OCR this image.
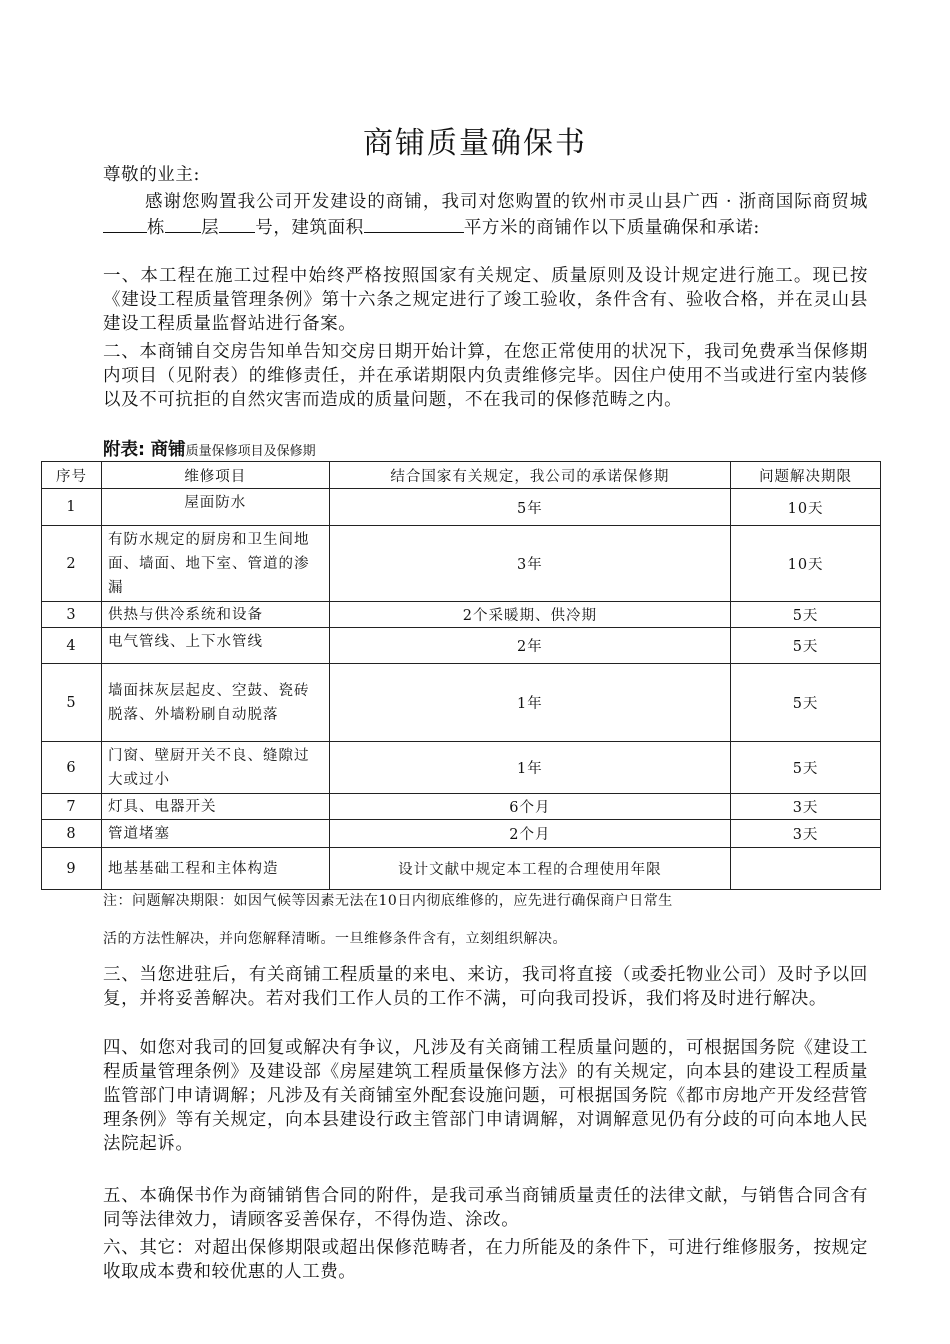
商铺质量确保书
尊敬的业主:
感谢您购置我公司开发建设的商铺，我司对您购置的钦州市灵山县广西 · 浙商国际商贸城栋 层 号，建筑面积	平方米的商铺作以下质量确保和承诺:
一、本工程在施工过程中始终严格按照国家有关规定、质量原则及设计规定进行施工。现已按《建设工程质量管理条例》第十六条之规定进行了竣工验收，条件含有、验收合格，并在灵山县建设工程质量监督站进行备案。
二、本商铺自交房告知单告知交房日期开始计算，在您正常使用的状况下，我司免费承当保修期内项目（见附表）的维修责任，并在承诺期限内负责维修完毕。因住户使用不当或进行室内装修以及不可抗拒的自然灾害而造成的质量问题，不在我司的保修范畴之内。
附表: 商铺质量保修项目及保修期
序号	维修项目	结合国家有关规定，我公司的承诺保修期	问题解决期限
1	屋面防水	5年	10天
2	有防水规定的厨房和卫生间地面、墙面、地下室、管道的渗漏	3年	10天
3	供热与供冷系统和设备	2个采暖期、供冷期	5天
4	电气管线、上下水管线	2年	5天
5	墙面抹灰层起皮、空鼓、瓷砖脱落、外墙粉刷自动脱落	1年	5天
6	门窗、壁厨开关不良、缝隙过大或过小	1年	5天
7	灯具、电器开关	6个月	3天
8	管道堵塞	2个月	3天
9	地基基础工程和主体构造	设计文献中规定本工程的合理使用年限	
注：问题解决期限：如因气候等因素无法在10日内彻底维修的，应先进行确保商户日常生
活的方法性解决，并向您解释清晰。一旦维修条件含有，立刻组织解决。
三、当您进驻后，有关商铺工程质量的来电、来访，我司将直接（或委托物业公司）及时予以回复，并将妥善解决。若对我们工作人员的工作不满，可向我司投诉，我们将及时进行解决。
四、如您对我司的回复或解决有争议，凡涉及有关商铺工程质量问题的，可根据国务院《建设工程质量管理条例》及建设部《房屋建筑工程质量保修方法》的有关规定，向本县的建设工程质量监管部门申请调解；凡涉及有关商铺室外配套设施问题，可根据国务院《都市房地产开发经营管理条例》等有关规定，向本县建设行政主管部门申请调解，对调解意见仍有分歧的可向本地人民法院起诉。
五、本确保书作为商铺销售合同的附件，是我司承当商铺质量责任的法律文献，与销售合同含有同等法律效力，请顾客妥善保存，不得伪造、涂改。
六、其它：对超出保修期限或超出保修范畴者，在力所能及的条件下，可进行维修服务，按规定收取成本费和较优惠的人工费。
